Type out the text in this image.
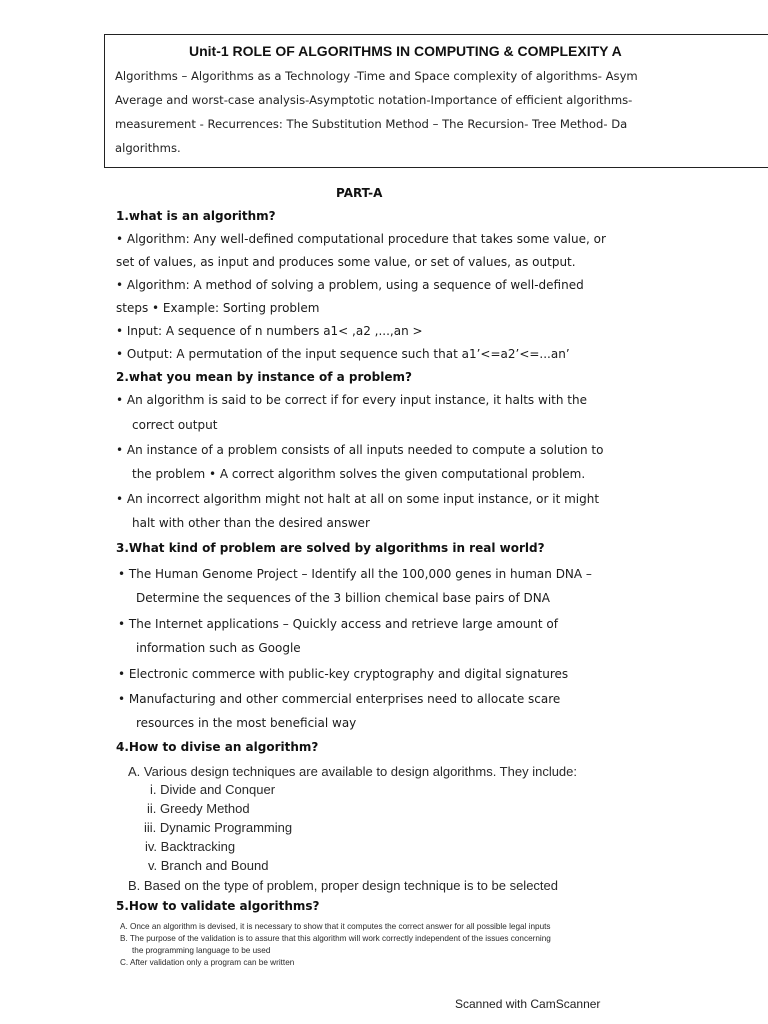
Unit-1 ROLE OF ALGORITHMS IN COMPUTING & COMPLEXITY A
Algorithms – Algorithms as a Technology -Time and Space complexity of algorithms- Asym
Average and worst-case analysis-Asymptotic notation-Importance of efficient algorithms-
measurement - Recurrences: The Substitution Method – The Recursion- Tree Method- Da
algorithms.
PART-A
1.what is an algorithm?
• Algorithm: Any well-defined computational procedure that takes some value, or
set of values, as input and produces some value, or set of values, as output.
• Algorithm: A method of solving a problem, using a sequence of well-defined
steps • Example: Sorting problem
• Input: A sequence of n numbers a1< ,a2 ,...,an >
• Output: A permutation of the input sequence such that a1’<=a2’<=...an’
2.what you mean by instance of a problem?
• An algorithm is said to be correct if for every input instance, it halts with the
correct output
• An instance of a problem consists of all inputs needed to compute a solution to
the problem • A correct algorithm solves the given computational problem.
• An incorrect algorithm might not halt at all on some input instance, or it might
halt with other than the desired answer
3.What kind of problem are solved by algorithms in real world?
• The Human Genome Project – Identify all the 100,000 genes in human DNA –
Determine the sequences of the 3 billion chemical base pairs of DNA
• The Internet applications – Quickly access and retrieve large amount of
information such as Google
• Electronic commerce with public-key cryptography and digital signatures
• Manufacturing and other commercial enterprises need to allocate scare
resources in the most beneficial way
4.How to divise an algorithm?
A. Various design techniques are available to design algorithms. They include:
i. Divide and Conquer
ii. Greedy Method
iii. Dynamic Programming
iv. Backtracking
v. Branch and Bound
B. Based on the type of problem, proper design technique is to be selected
5.How to validate algorithms?
A. Once an algorithm is devised, it is necessary to show that it computes the correct answer for all possible legal inputs
B. The purpose of the validation is to assure that this algorithm will work correctly independent of the issues concerning
the programming language to be used
C. After validation only a program can be written
Scanned with CamScanner
